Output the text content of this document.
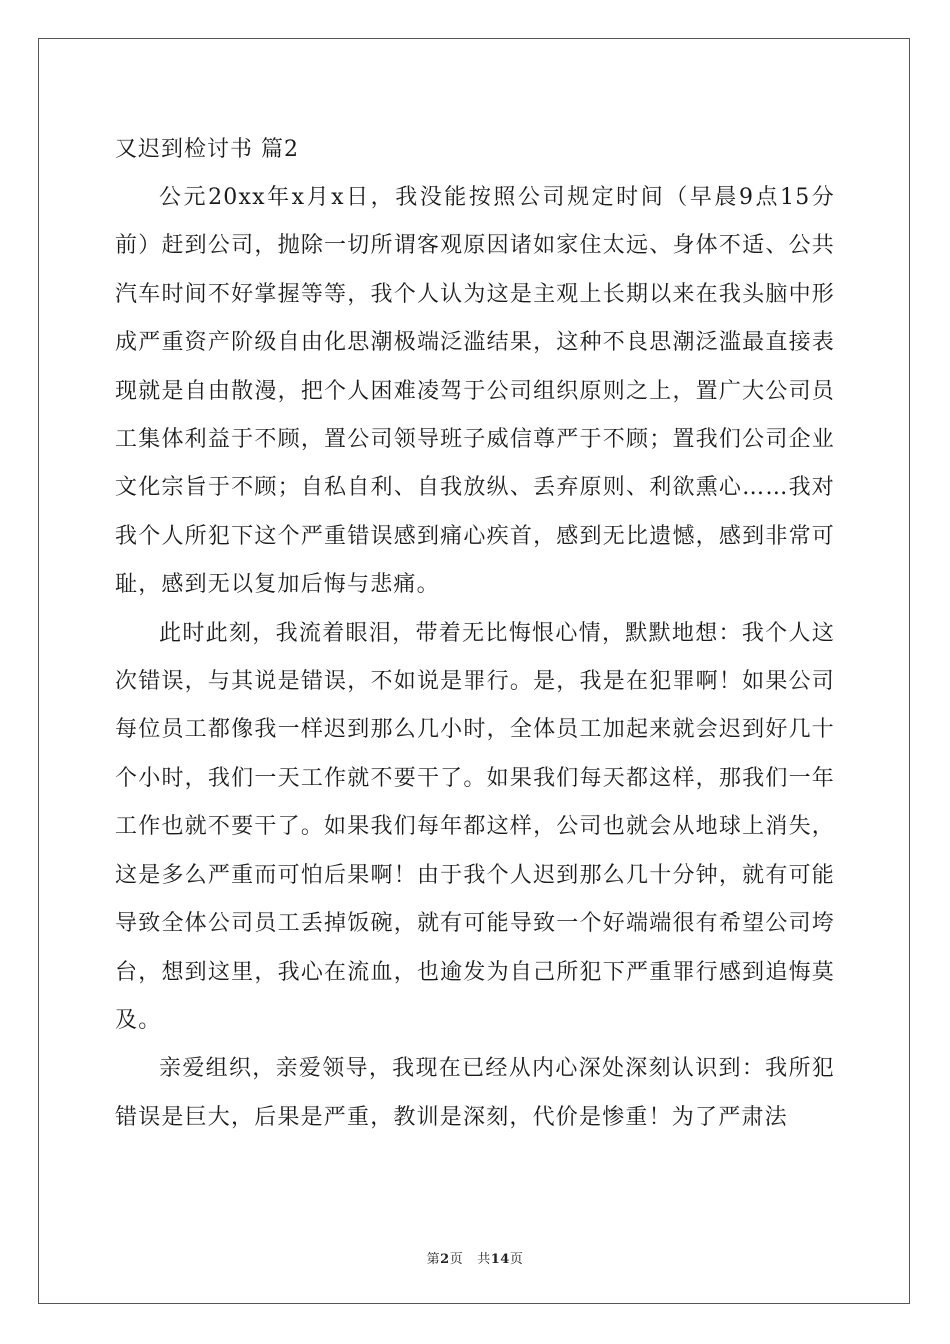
又迟到检讨书 篇2

公元20xx年x月x日，我没能按照公司规定时间（早晨9点15分前）赶到公司，抛除一切所谓客观原因诸如家住太远、身体不适、公共汽车时间不好掌握等等，我个人认为这是主观上长期以来在我头脑中形成严重资产阶级自由化思潮极端泛滥结果，这种不良思潮泛滥最直接表现就是自由散漫，把个人困难凌驾于公司组织原则之上，置广大公司员工集体利益于不顾，置公司领导班子威信尊严于不顾；置我们公司企业文化宗旨于不顾；自私自利、自我放纵、丢弃原则、利欲熏心……我对我个人所犯下这个严重错误感到痛心疾首，感到无比遗憾，感到非常可耻，感到无以复加后悔与悲痛。

此时此刻，我流着眼泪，带着无比悔恨心情，默默地想：我个人这次错误，与其说是错误，不如说是罪行。是，我是在犯罪啊！如果公司每位员工都像我一样迟到那么几小时，全体员工加起来就会迟到好几十个小时，我们一天工作就不要干了。如果我们每天都这样，那我们一年工作也就不要干了。如果我们每年都这样，公司也就会从地球上消失，这是多么严重而可怕后果啊！由于我个人迟到那么几十分钟，就有可能导致全体公司员工丢掉饭碗，就有可能导致一个好端端很有希望公司垮台，想到这里，我心在流血，也逾发为自己所犯下严重罪行感到追悔莫及。

亲爱组织，亲爱领导，我现在已经从内心深处深刻认识到：我所犯错误是巨大，后果是严重，教训是深刻，代价是惨重！为了严肃法

第2页 共14页
